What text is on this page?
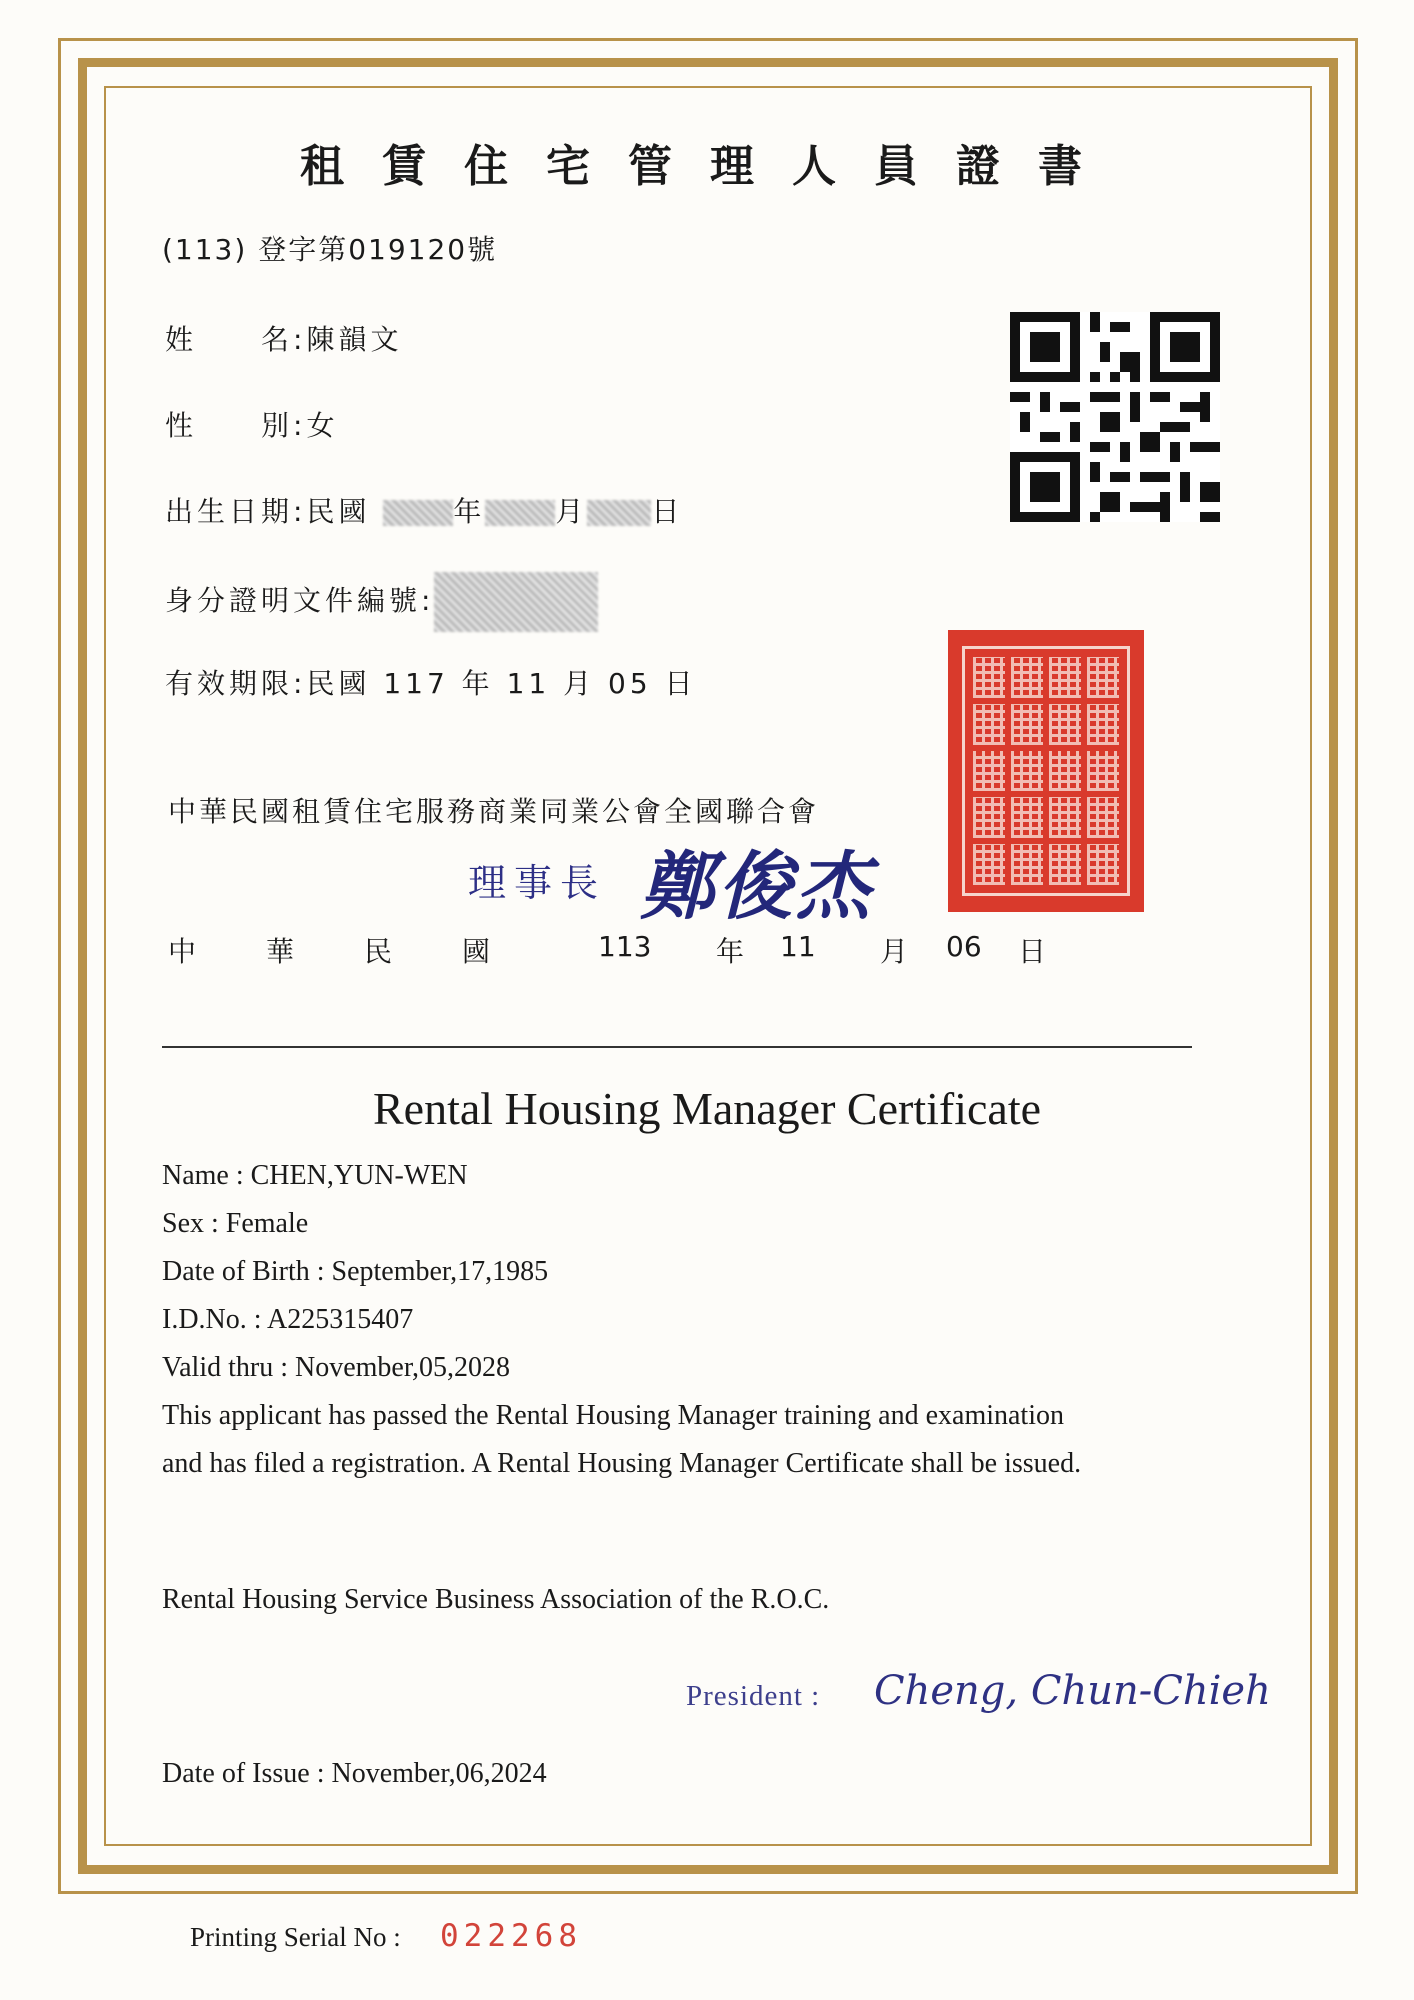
租賃住宅管理人員證書
(113) 登字第019120號
姓　　名:陳韻文
性　　別:女
出生日期:民國	年	月 日
身分證明文件編號:
有效期限:民國 117 年 11 月 05 日
中華民國租賃住宅服務商業同業公會全國聯合會
理事長 鄭俊杰
中 華 民 國	113 年 11 月 06 日
Rental Housing Manager Certificate
Name : CHEN,YUN-WEN
Sex : Female
Date of Birth : September,17,1985
I.D.No. : A225315407
Valid thru : November,05,2028
This applicant has passed the Rental Housing Manager training and examination
and has filed a registration. A Rental Housing Manager Certificate shall be issued.
Rental Housing Service Business Association of the R.O.C.
President : Cheng, Chun-Chieh
Date of Issue : November,06,2024
Printing Serial No : 022268
